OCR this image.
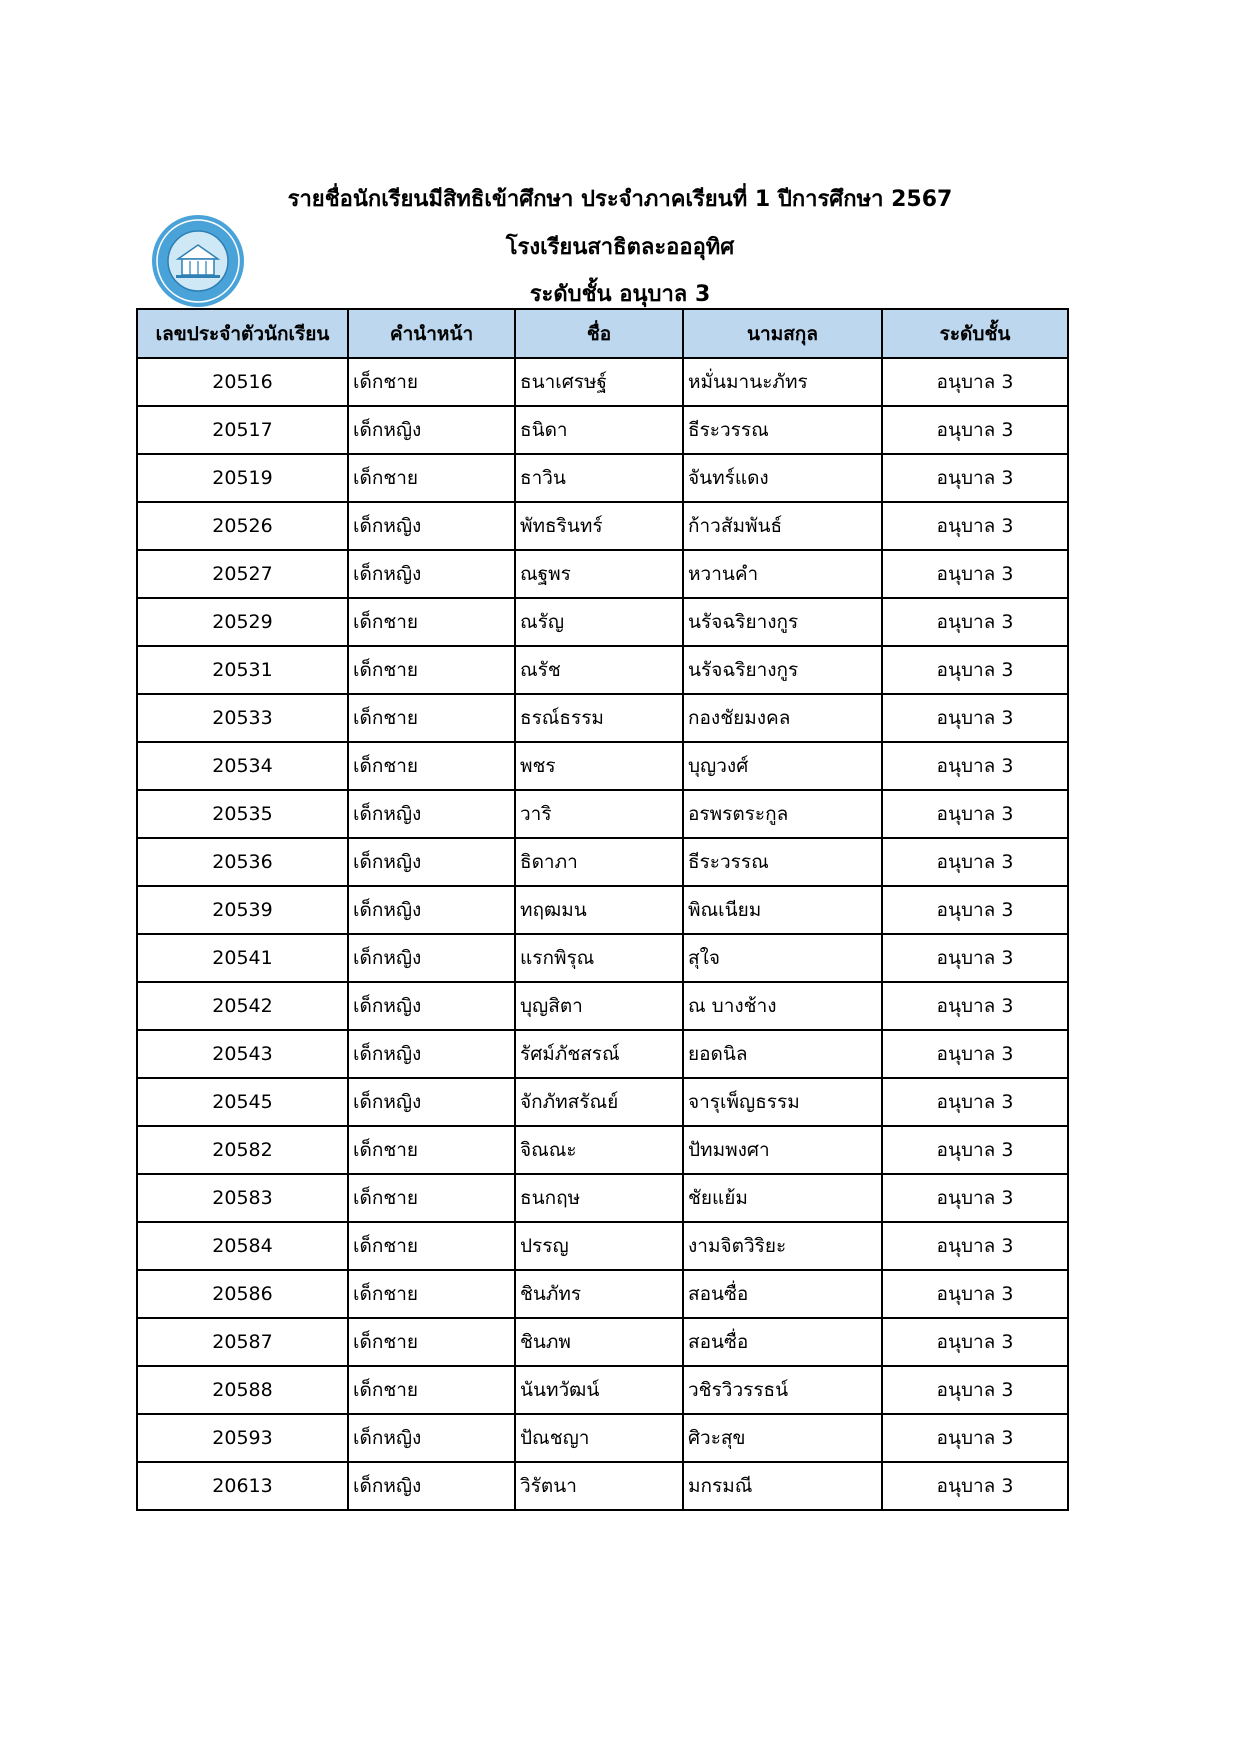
รายชื่อนักเรียนมีสิทธิเข้าศึกษา ประจำภาคเรียนที่ 1 ปีการศึกษา 2567
โรงเรียนสาธิตละอออุทิศ
ระดับชั้น อนุบาล 3
เลขประจำตัวนักเรียน	คำนำหน้า	ชื่อ	นามสกุล	ระดับชั้น
20516	เด็กชาย	ธนาเศรษฐ์	หมั่นมานะภัทร	อนุบาล 3
20517	เด็กหญิง	ธนิดา	ธีระวรรณ	อนุบาล 3
20519	เด็กชาย	ธาวิน	จันทร์แดง	อนุบาล 3
20526	เด็กหญิง	พัทธรินทร์	ก้าวสัมพันธ์	อนุบาล 3
20527	เด็กหญิง	ณฐพร	หวานคำ	อนุบาล 3
20529	เด็กชาย	ณรัญ	นรัจฉริยางกูร	อนุบาล 3
20531	เด็กชาย	ณรัช	นรัจฉริยางกูร	อนุบาล 3
20533	เด็กชาย	ธรณ์ธรรม	กองชัยมงคล	อนุบาล 3
20534	เด็กชาย	พชร	บุญวงศ์	อนุบาล 3
20535	เด็กหญิง	วาริ	อรพรตระกูล	อนุบาล 3
20536	เด็กหญิง	ธิดาภา	ธีระวรรณ	อนุบาล 3
20539	เด็กหญิง	ทฤฒมน	พิณเนียม	อนุบาล 3
20541	เด็กหญิง	แรกพิรุณ	สุใจ	อนุบาล 3
20542	เด็กหญิง	บุญสิตา	ณ บางช้าง	อนุบาล 3
20543	เด็กหญิง	รัศม์ภัชสรณ์	ยอดนิล	อนุบาล 3
20545	เด็กหญิง	จักภัทสรัณย์	จารุเพ็ญธรรม	อนุบาล 3
20582	เด็กชาย	จิณณะ	ปัทมพงศา	อนุบาล 3
20583	เด็กชาย	ธนกฤษ	ชัยแย้ม	อนุบาล 3
20584	เด็กชาย	ปรรญ	งามจิตวิริยะ	อนุบาล 3
20586	เด็กชาย	ชินภัทร	สอนซื่อ	อนุบาล 3
20587	เด็กชาย	ชินภพ	สอนซื่อ	อนุบาล 3
20588	เด็กชาย	นันทวัฒน์	วชิรวิวรรธน์	อนุบาล 3
20593	เด็กหญิง	ปัณชญา	ศิวะสุข	อนุบาล 3
20613	เด็กหญิง	วิรัตนา	มกรมณี	อนุบาล 3
